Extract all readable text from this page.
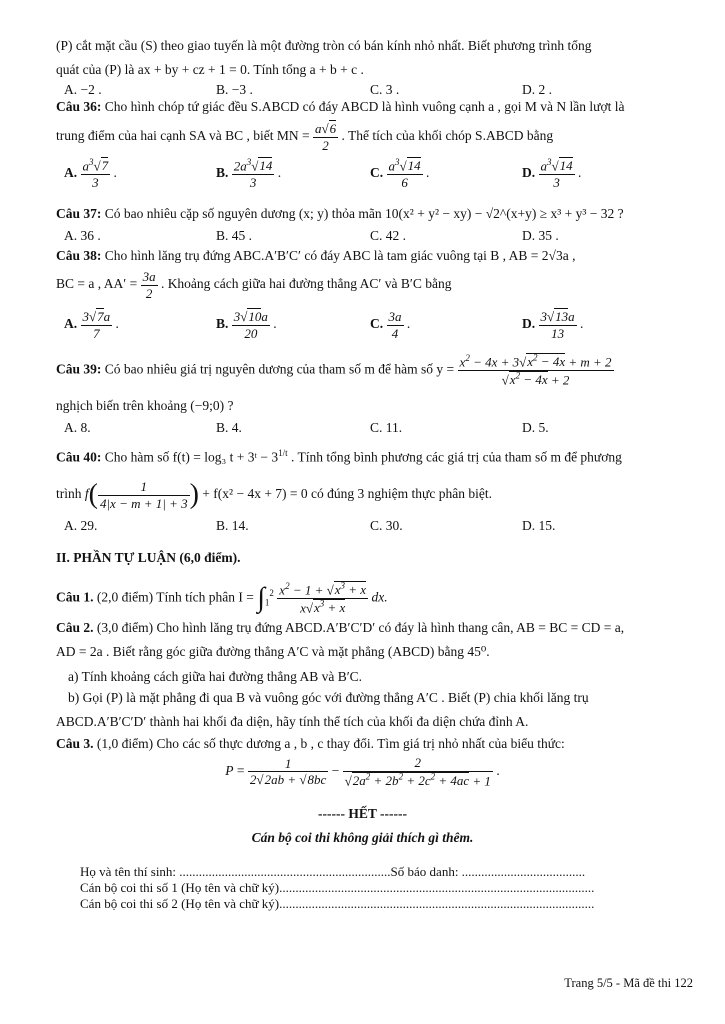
(P) cắt mặt cầu (S) theo giao tuyến là một đường tròn có bán kính nhỏ nhất. Biết phương trình tổng
quát của (P) là ax + by + cz + 1 = 0. Tính tổng a + b + c .
A. −2 .	B. −3 .	C. 3 .	D. 2 .
Câu 36: Cho hình chóp tứ giác đều S.ABCD có đáy ABCD là hình vuông cạnh a , gọi M và N lần lượt là
trung điểm của hai cạnh SA và BC , biết MN = $\frac{a√6}{2}$ . Thể tích của khối chóp S.ABCD bằng
A. $\frac{a^3√7}{3}$ .	B. $\frac{2a^3√14}{3}$ .	C. $\frac{a^3√14}{6}$ .	D. $\frac{a^3√14}{3}$ .
Câu 37: Có bao nhiêu cặp số nguyên dương (x; y) thỏa mãn 10(x² + y² − xy) − √2^(x+y) ≥ x³ + y³ − 32 ?
A. 36 .	B. 45 .	C. 42 .	D. 35 .
Câu 38: Cho hình lăng trụ đứng ABC.A′B′C′ có đáy ABC là tam giác vuông tại B , AB = 2√3a ,
BC = a , $AA' = \frac{3a}{2}$ . Khoảng cách giữa hai đường thẳng AC′ và B′C bằng
A. $\frac{3√7a}{7}$ .	B. $\frac{3√10a}{20}$ .	C. $\frac{3a}{4}$ .	D. $\frac{3√13a}{13}$ .
Câu 39: Có bao nhiêu giá trị nguyên dương của tham số m để hàm số $y = \frac{x^2 - 4x + 3√x^2 - 4x + m + 2}{√x^2 - 4x + 2}$
nghịch biến trên khoảng (−9;0) ?
A. 8.	B. 4.	C. 11.	D. 5.
Câu 40: Cho hàm số f(t) = log₃ t + 3ᵗ − $3^{1/t}$ . Tính tổng bình phương các giá trị của tham số m để phương
trình $f( \frac{1}{4|x - m + 1| + 3}$ ) + f(x² − 4x + 7) = 0 có đúng 3 nghiệm thực phân biệt.
A. 29.	B. 14.	C. 30.	D. 15.
II. PHẦN TỰ LUẬN (6,0 điểm).
Câu 1. (2,0 điểm) Tính tích phân $I = \int_1^2 \frac{x^2 - 1 + √x^3 + x}{x√x^3 + x}$ dx.
Câu 2. (3,0 điểm) Cho hình lăng trụ đứng ABCD.A′B′C′D′ có đáy là hình thang cân, AB = BC = CD = a,
AD = 2a . Biết rằng góc giữa đường thẳng A′C và mặt phẳng (ABCD) bằng 45⁰.
a) Tính khoảng cách giữa hai đường thẳng AB và B′C.
b) Gọi (P) là mặt phẳng đi qua B và vuông góc với đường thẳng A′C . Biết (P) chia khối lăng trụ
ABCD.A′B′C′D′ thành hai khối đa diện, hãy tính thể tích của khối đa diện chứa đỉnh A.
Câu 3. (1,0 điểm) Cho các số thực dương a , b , c thay đổi. Tìm giá trị nhỏ nhất của biểu thức:
$P = \frac{1}{2√2ab + √8bc} - \frac{2}{√2a^2 + 2b^2 + 2c^2 + 4ac + 1}$ .
------ HẾT ------
Cán bộ coi thi không giải thích gì thêm.
Họ và tên thí sinh: .................................................................Số báo danh: ......................................
Cán bộ coi thi số 1 (Họ tên và chữ ký).................................................................................................
Cán bộ coi thi số 2 (Họ tên và chữ ký).................................................................................................
Trang 5/5 - Mã đề thi 122
